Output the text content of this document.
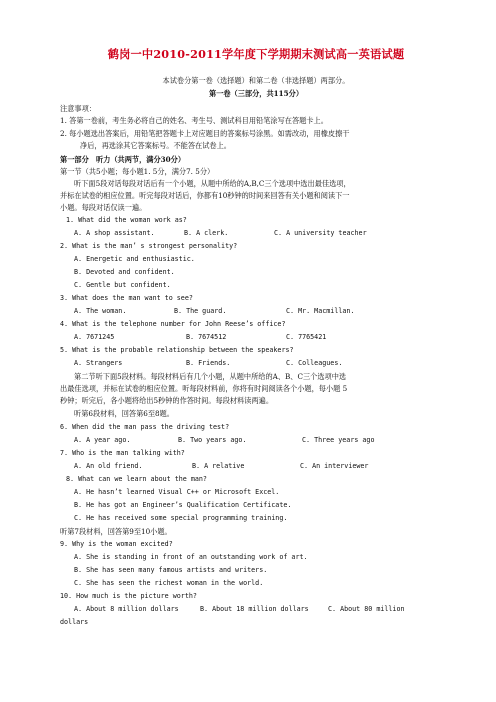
鹤岗一中2010-2011学年度下学期期末测试高一英语试题
本试卷分第一卷（选择题）和第二卷（非选择题）两部分。
第一卷（三部分，共115分）
注意事项：
1. 答第一卷前，考生务必将自己的姓名、考生号、测试科目用铅笔涂写在答题卡上。
2. 每小题选出答案后，用铅笔把答题卡上对应题目的答案标号涂黑。如需改动，用橡皮擦干
净后，再选涂其它答案标号。不能答在试卷上。
第一部分　听力（共两节，满分30分）
第一节（共5小题；每小题1. 5分，满分7. 5分）
听下面5段对话每段对话后有一个小题，从题中所给的A,B,C三个选项中选出最佳选项，
并标在试卷的相应位置。听完每段对话后，你都有10秒钟的时间来回答有关小题和阅读下一
小题。每段对话仅读一遍。
1. What did the woman work as?
A. A shop assistant.	B. A clerk.	C. A university teacher
2. What is the man’ s strongest personality?
A. Energetic and enthusiastic.
B. Devoted and confident.
C. Gentle but confident.
3. What does the man want to see?
A. The woman.	B. The guard.	C. Mr. Macmillan.
4. What is the telephone number for John Reese’s office?
A. 7671245	B. 7674512	C. 7765421
5. What is the probable relationship between the speakers?
A. Strangers	B. Friends.	C. Colleagues.
第二节听下面5段材料。每段材料后有几个小题，从题中所给的A、B、C三个选项中选
出最佳选项，并标在试卷的相应位置。听每段材料前，你将有时间阅读各个小题，每小题 5
秒钟；听完后，各小题将给出5秒钟的作答时间。每段材料读两遍。
听第6段材料，回答第6至8题。
6. When did the man pass the driving test?
A. A year ago.	B. Two years ago.	C. Three years ago
7. Who is the man talking with?
A. An old friend.	B. A relative	C. An interviewer
8. What can we learn about the man?
A. He hasn’t learned Visual C++ or Microsoft Excel.
B. He has got an Engineer’s Qualification Certificate.
C. He has received some special programming training.
听第7段材料，回答第9至10小题。
9. Why is the woman excited?
A. She is standing in front of an outstanding work of art.
B. She has seen many famous artists and writers.
C. She has seen the richest woman in the world.
10. How much is the picture worth?
A. About 8 million dollars	B. About 18 million dollars	C. About 80 million
dollars
